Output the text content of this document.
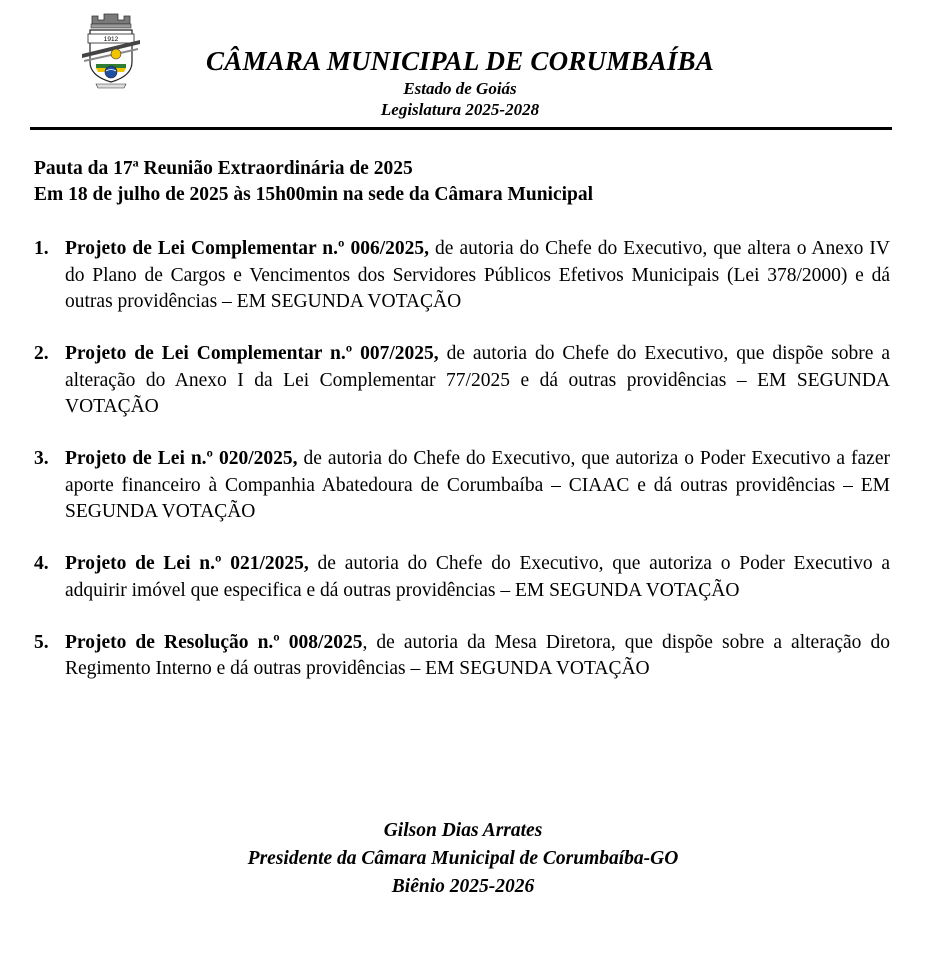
1912
CÂMARA MUNICIPAL DE CORUMBAÍBA
Estado de Goiás
Legislatura 2025-2028
Pauta da 17$^a$ Reunião Extraordinária de 2025
Em 18 de julho de 2025 às 15h00min na sede da Câmara Municipal
1. Projeto de Lei Complementar n.º 006/2025, de autoria do Chefe do Executivo, que altera o Anexo IV do Plano de Cargos e Vencimentos dos Servidores Públicos Efetivos Municipais (Lei 378/2000) e dá outras providências – EM SEGUNDA VOTAÇÃO
2. Projeto de Lei Complementar n.º 007/2025, de autoria do Chefe do Executivo, que dispõe sobre a alteração do Anexo I da Lei Complementar 77/2025 e dá outras providências – EM SEGUNDA VOTAÇÃO
3. Projeto de Lei n.º 020/2025, de autoria do Chefe do Executivo, que autoriza o Poder Executivo a fazer aporte financeiro à Companhia Abatedoura de Corumbaíba – CIAAC e dá outras providências – EM SEGUNDA VOTAÇÃO
4. Projeto de Lei n.º 021/2025, de autoria do Chefe do Executivo, que autoriza o Poder Executivo a adquirir imóvel que especifica e dá outras providências – EM SEGUNDA VOTAÇÃO
5. Projeto de Resolução n.º 008/2025, de autoria da Mesa Diretora, que dispõe sobre a alteração do Regimento Interno e dá outras providências – EM SEGUNDA VOTAÇÃO
Gilson Dias Arrates
Presidente da Câmara Municipal de Corumbaíba-GO
Biênio 2025-2026
